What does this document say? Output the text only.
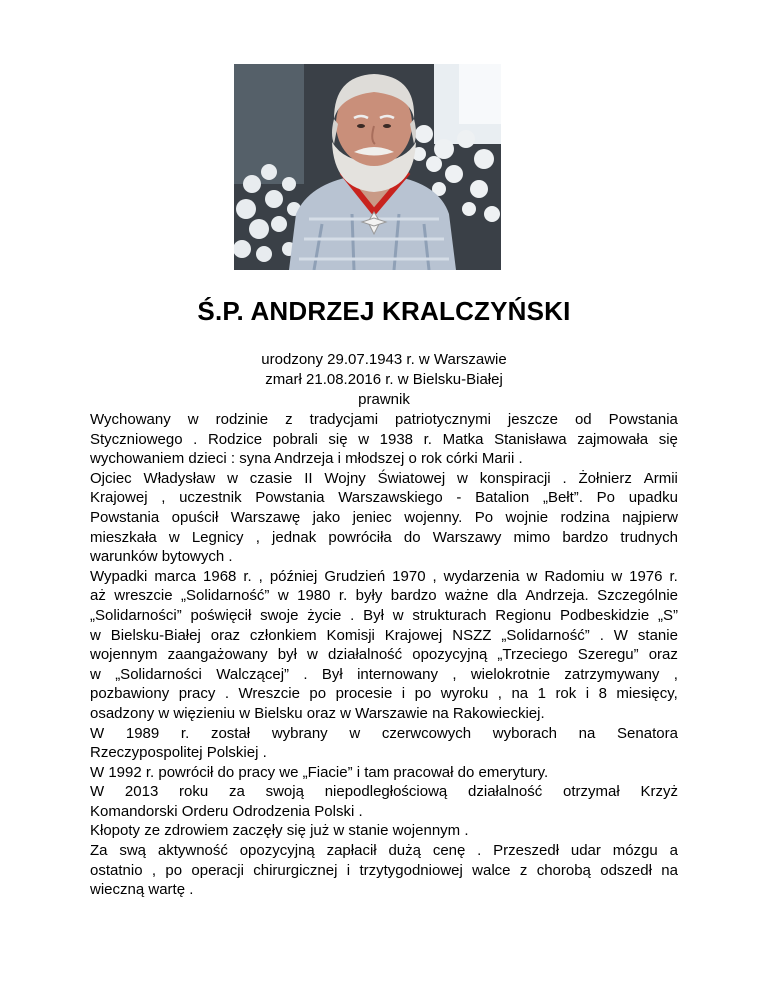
Ś.P. ANDRZEJ KRALCZYŃSKI
urodzony 29.07.1943 r. w Warszawie
zmarł 21.08.2016 r. w Bielsku-Białej
prawnik
Wychowany w rodzinie z tradycjami patriotycznymi jeszcze od Powstania
Styczniowego . Rodzice pobrali się w 1938 r. Matka Stanisława zajmowała się
wychowaniem dzieci : syna Andrzeja i młodszej o rok córki Marii .
Ojciec Władysław w czasie II Wojny Światowej w konspiracji . Żołnierz Armii
Krajowej , uczestnik Powstania Warszawskiego - Batalion „Bełt”. Po upadku
Powstania opuścił Warszawę jako jeniec wojenny. Po wojnie rodzina najpierw
mieszkała w Legnicy , jednak powróciła do Warszawy mimo bardzo trudnych
warunków bytowych .
Wypadki marca 1968 r. , później Grudzień 1970 , wydarzenia w Radomiu w 1976 r.
aż wreszcie „Solidarność” w 1980 r. były bardzo ważne dla Andrzeja. Szczególnie
„Solidarności” poświęcił swoje życie . Był w strukturach Regionu Podbeskidzie „S”
w Bielsku-Białej oraz członkiem Komisji Krajowej NSZZ „Solidarność” . W stanie
wojennym zaangażowany był w działalność opozycyjną „Trzeciego Szeregu” oraz
w „Solidarności Walczącej” . Był internowany , wielokrotnie zatrzymywany ,
pozbawiony pracy . Wreszcie po procesie i po wyroku , na 1 rok i 8 miesięcy,
osadzony w więzieniu w Bielsku oraz w Warszawie na Rakowieckiej.
W 1989 r. został wybrany w czerwcowych wyborach na Senatora
Rzeczypospolitej Polskiej .
W 1992 r. powrócił do pracy we „Fiacie” i tam pracował do emerytury.
W 2013 roku za swoją niepodległościową działalność otrzymał Krzyż
Komandorski Orderu Odrodzenia Polski .
Kłopoty ze zdrowiem zaczęły się już w stanie wojennym .
Za swą aktywność opozycyjną zapłacił dużą cenę . Przeszedł udar mózgu a
ostatnio , po operacji chirurgicznej i trzytygodniowej walce z chorobą odszedł na
wieczną wartę .
